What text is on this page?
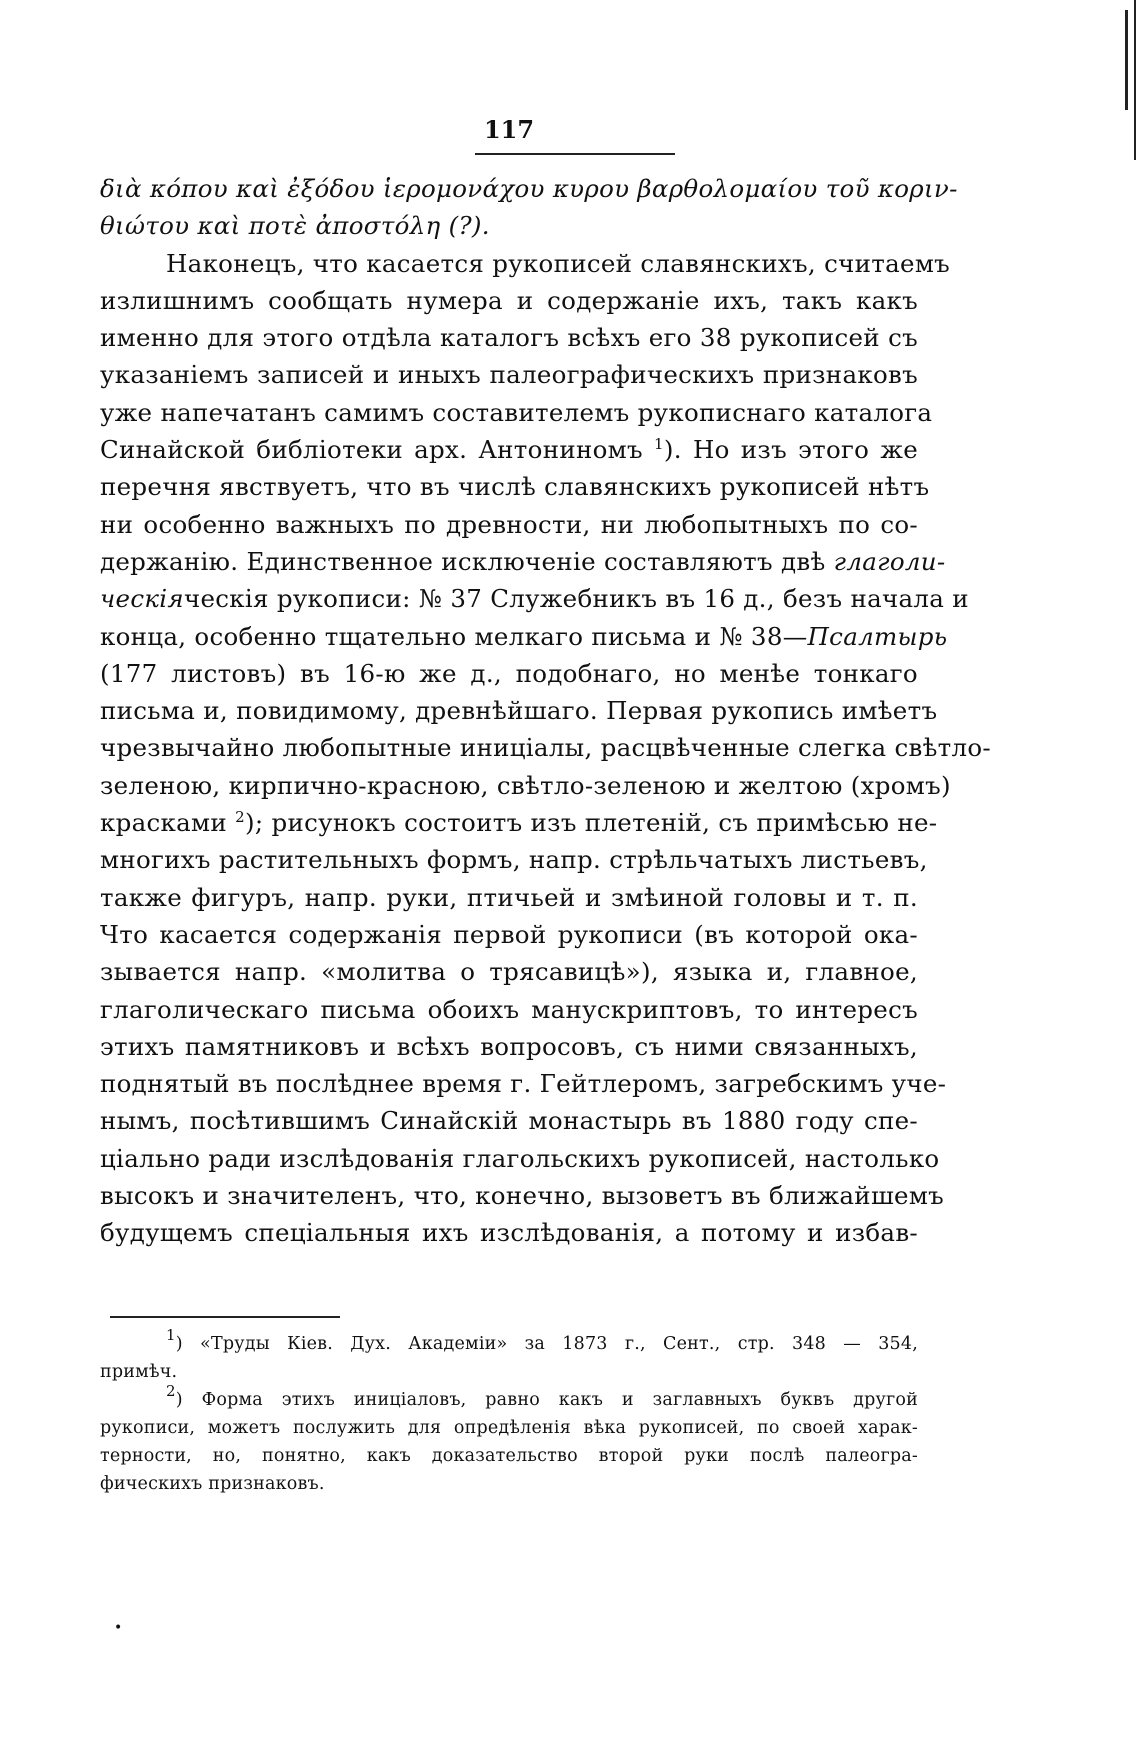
117
διὰ κόπου καὶ ἐξόδου ἱερομονάχου κυρου βαρθολομαίου τοῦ κοριν-
θιώτου καὶ ποτὲ ἀποστόλη (?).
Наконецъ, что касается рукописей славянскихъ, считаемъ
излишнимъ сообщать нумера и содержаніе ихъ, такъ какъ
именно для этого отдѣла каталогъ всѣхъ его 38 рукописей съ
указаніемъ записей и иныхъ палеографическихъ признаковъ
уже напечатанъ самимъ составителемъ рукописнаго каталога
Синайской библіотеки арх. Антониномъ $^1$). Но изъ этого же
перечня явствуетъ, что въ числѣ славянскихъ рукописей нѣтъ
ни особенно важныхъ по древности, ни любопытныхъ по со-
держанію. Единственное исключеніе составляютъ двѣ глаголи-
ческіяческія рукописи: № 37 Служебникъ въ 16 д., безъ начала и
конца, особенно тщательно мелкаго письма и № 38—Псалтырь
(177 листовъ) въ 16-ю же д., подобнаго, но менѣе тонкаго
письма и, повидимому, древнѣйшаго. Первая рукопись имѣетъ
чрезвычайно любопытные иниціалы, расцвѣченные слегка свѣтло-
зеленою, кирпично-красною, свѣтло-зеленою и желтою (хромъ)
красками $^2$); рисунокъ состоитъ изъ плетеній, съ примѣсью не-
многихъ растительныхъ формъ, напр. стрѣльчатыхъ листьевъ,
также фигуръ, напр. руки, птичьей и змѣиной головы и т. п.
Что касается содержанія первой рукописи (въ которой ока-
зывается напр. «молитва о трясавицѣ»), языка и, главное,
глаголическаго письма обоихъ манускриптовъ, то интересъ
этихъ памятниковъ и всѣхъ вопросовъ, съ ними связанныхъ,
поднятый въ послѣднее время г. Гейтлеромъ, загребскимъ уче-
нымъ, посѣтившимъ Синайскій монастырь въ 1880 году спе-
ціально ради изслѣдованія глагольскихъ рукописей, настолько
высокъ и значителенъ, что, конечно, вызоветъ въ ближайшемъ
будущемъ спеціальныя ихъ изслѣдованія, а потому и избав-
$^1$) «Труды Кіев. Дух. Академіи» за 1873 г., Сент., стр. 348 — 354,
примѣч.
$^2$) Форма этихъ иниціаловъ, равно какъ и заглавныхъ буквъ другой
рукописи, можетъ послужить для опредѣленія вѣка рукописей, по своей харак-
терности, но, понятно, какъ доказательство второй руки послѣ палеогра-
фическихъ признаковъ.
•
